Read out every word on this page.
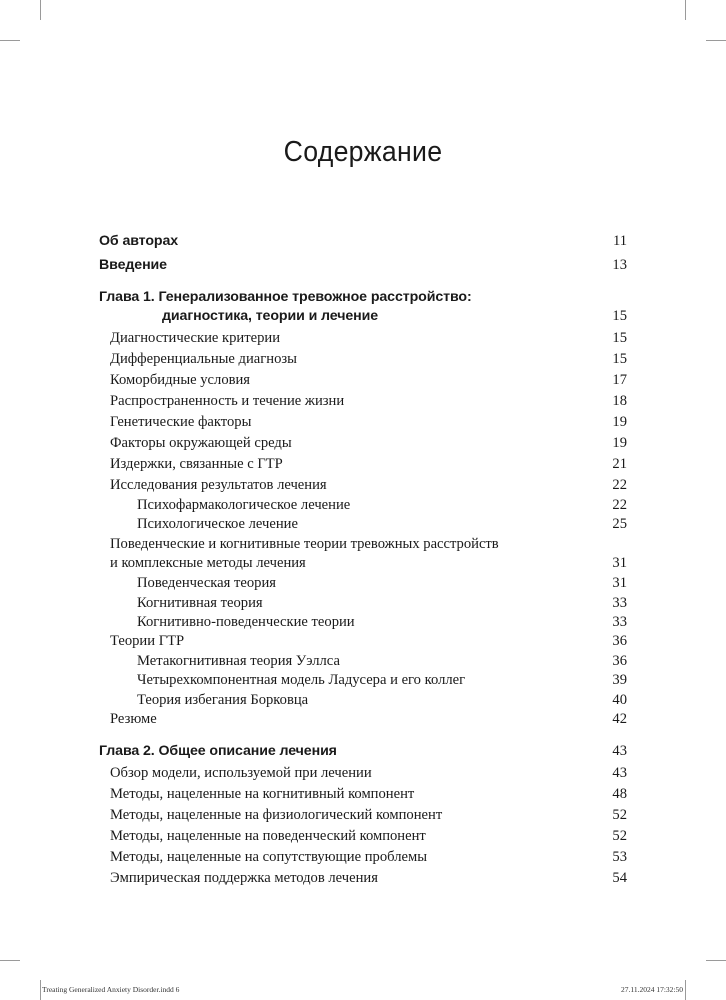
Содержание
Об авторах	11
Введение	13
Глава 1. Генерализованное тревожное расстройство:
диагностика, теории и лечение	15
Диагностические критерии	15
Дифференциальные диагнозы	15
Коморбидные условия	17
Распространенность и течение жизни	18
Генетические факторы	19
Факторы окружающей среды	19
Издержки, связанные с ГТР	21
Исследования результатов лечения	22
Психофармакологическое лечение	22
Психологическое лечение	25
Поведенческие и когнитивные теории тревожных расстройств
и комплексные методы лечения	31
Поведенческая теория	31
Когнитивная теория	33
Когнитивно-поведенческие теории	33
Теории ГТР	36
Метакогнитивная теория Уэллса	36
Четырехкомпонентная модель Ладусера и его коллег	39
Теория избегания Борковца	40
Резюме	42
Глава 2. Общее описание лечения	43
Обзор модели, используемой при лечении	43
Методы, нацеленные на когнитивный компонент	48
Методы, нацеленные на физиологический компонент	52
Методы, нацеленные на поведенческий компонент	52
Методы, нацеленные на сопутствующие проблемы	53
Эмпирическая поддержка методов лечения	54
Treating Generalized Anxiety Disorder.indd 6	27.11.2024 17:32:50
